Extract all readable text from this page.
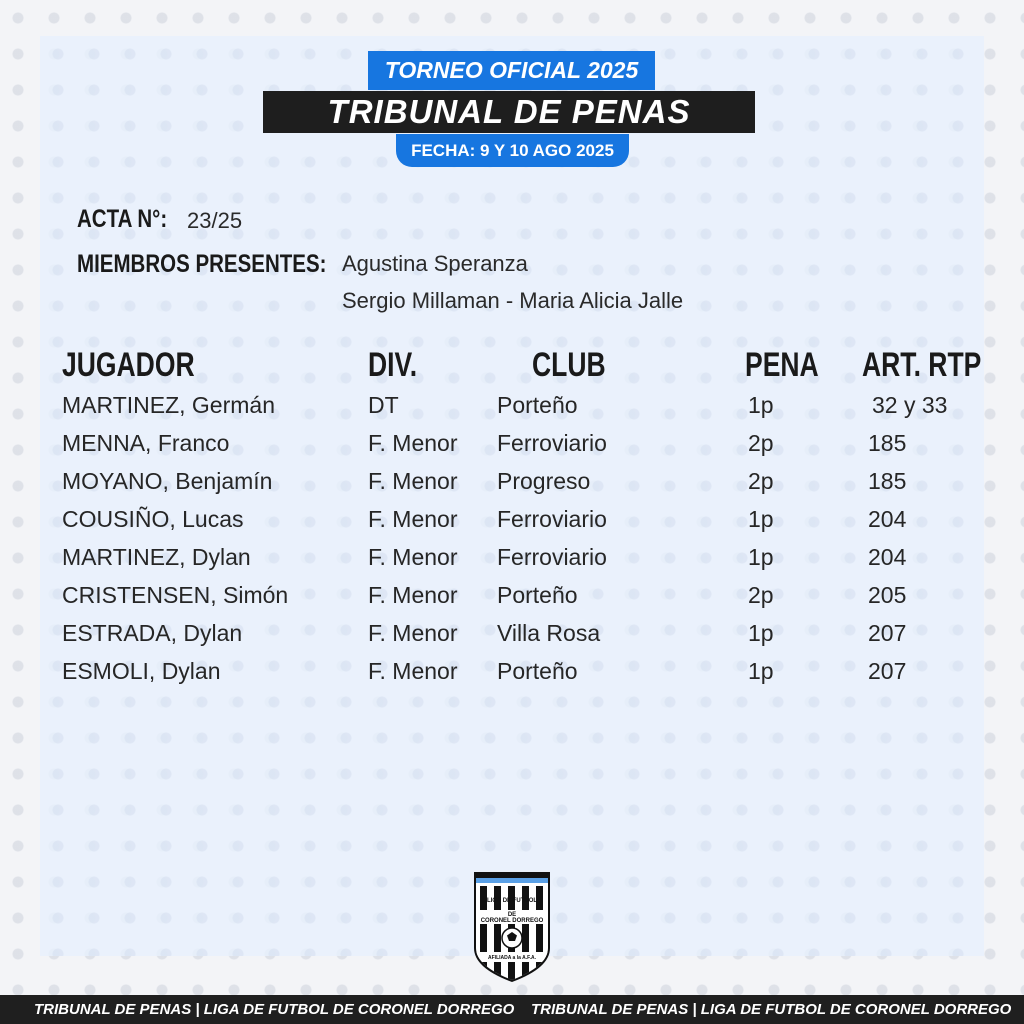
TORNEO OFICIAL 2025
TRIBUNAL DE PENAS
FECHA: 9 Y 10 AGO 2025
ACTA N°: 23/25
MIEMBROS PRESENTES: Agustina Speranza
Sergio Millaman - Maria Alicia Jalle
JUGADOR	DIV.	CLUB	PENA ART. RTP
MARTINEZ, Germán	DT	Porteño	1p	32 y 33
MENNA, Franco	F. Menor Ferroviario	2p	185
MOYANO, Benjamín	F. Menor Progreso	2p	185
COUSIÑO, Lucas	F. Menor Ferroviario	1p	204
MARTINEZ, Dylan	F. Menor Ferroviario	1p	204
CRISTENSEN, Simón	F. Menor Porteño	2p	205
ESTRADA, Dylan	F. Menor Villa Rosa	1p	207
ESMOLI, Dylan	F. Menor Porteño	1p	207
LIGA DE FUTBOL
DE
CORONEL DORREGO
AFILIADA a la A.F.A.
TRIBUNAL DE PENAS | LIGA DE FUTBOL DE CORONEL DORREGO TRIBUNAL DE PENAS | LIGA DE FUTBOL DE CORONEL DORREGO
